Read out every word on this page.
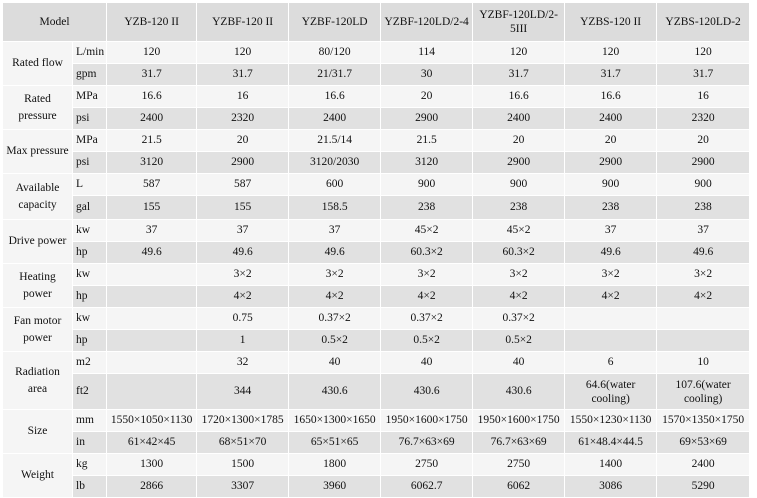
Model		YZB-120 II	YZBF-120 II	YZBF-120LD	YZBF-120LD/2-4	YZBF-120LD/2-5III	YZBS-120 II	YZBS-120LD-2
Rated flow	L/min	120	120	80/120	114	120	120	120
	gpm	31.7	31.7	21/31.7	30	31.7	31.7	31.7
Rated pressure	MPa	16.6	16	16.6	20	16.6	16.6	16
	psi	2400	2320	2400	2900	2400	2400	2320
Max pressure	MPa	21.5	20	21.5/14	21.5	20	20	20
	psi	3120	2900	3120/2030	3120	2900	2900	2900
Available capacity	L	587	587	600	900	900	900	900
	gal	155	155	158.5	238	238	238	238
Drive power	kw	37	37	37	45×2	45×2	37	37
	hp	49.6	49.6	49.6	60.3×2	60.3×2	49.6	49.6
Heating power	kw		3×2	3×2	3×2	3×2	3×2	3×2
	hp		4×2	4×2	4×2	4×2	4×2	4×2
Fan motor power	kw		0.75	0.37×2	0.37×2	0.37×2		
	hp		1	0.5×2	0.5×2	0.5×2		
Radiation area	m2		32	40	40	40	6	10
	ft2		344	430.6	430.6	430.6	64.6(water cooling)	107.6(water cooling)
Size	mm	1550×1050×1130	1720×1300×1785	1650×1300×1650	1950×1600×1750	1950×1600×1750	1550×1230×1130	1570×1350×1750
	in	61×42×45	68×51×70	65×51×65	76.7×63×69	76.7×63×69	61×48.4×44.5	69×53×69
Weight	kg	1300	1500	1800	2750	2750	1400	2400
	lb	2866	3307	3960	6062.7	6062	3086	5290
